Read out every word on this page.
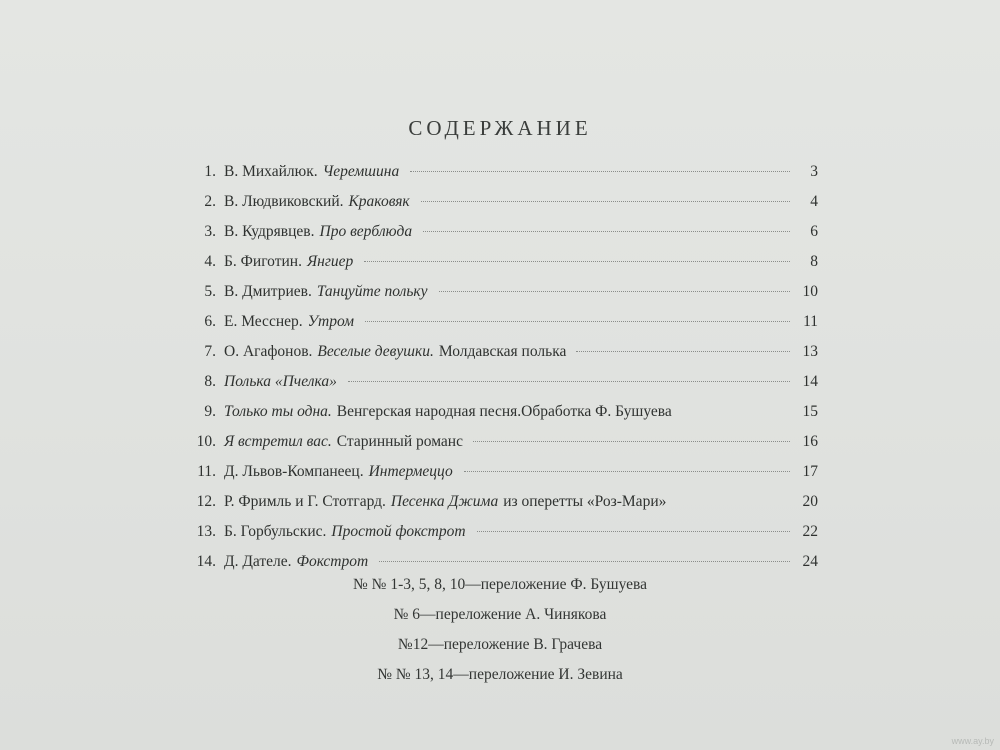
СОДЕРЖАНИЕ
1. В. Михайлюк. Черемшина	3
2. В. Людвиковский. Краковяк	4
3. В. Кудрявцев. Про верблюда	6
4. Б. Фиготин. Янгиер	8
5. В. Дмитриев. Танцуйте польку	10
6. Е. Месснер. Утром	11
7. О. Агафонов. Веселые девушки. Молдавская полька	13
8. Полька «Пчелка»	14
9. Только ты одна. Венгерская народная песня.Обработка Ф. Бушуева	15
10. Я встретил вас. Старинный романс	16
11. Д. Львов-Компанеец. Интермеццо	17
12. Р. Фримль и Г. Стотгард. Песенка Джима из оперетты «Роз-Мари»	20
13. Б. Горбульскис. Простой фокстрот	22
14. Д. Дателе. Фокстрот	24
№ № 1-3, 5, 8, 10—переложение Ф. Бушуева
№ 6—переложение А. Чинякова
№12—переложение В. Грачева
№ № 13, 14—переложение И. Зевина
www.ay.by
